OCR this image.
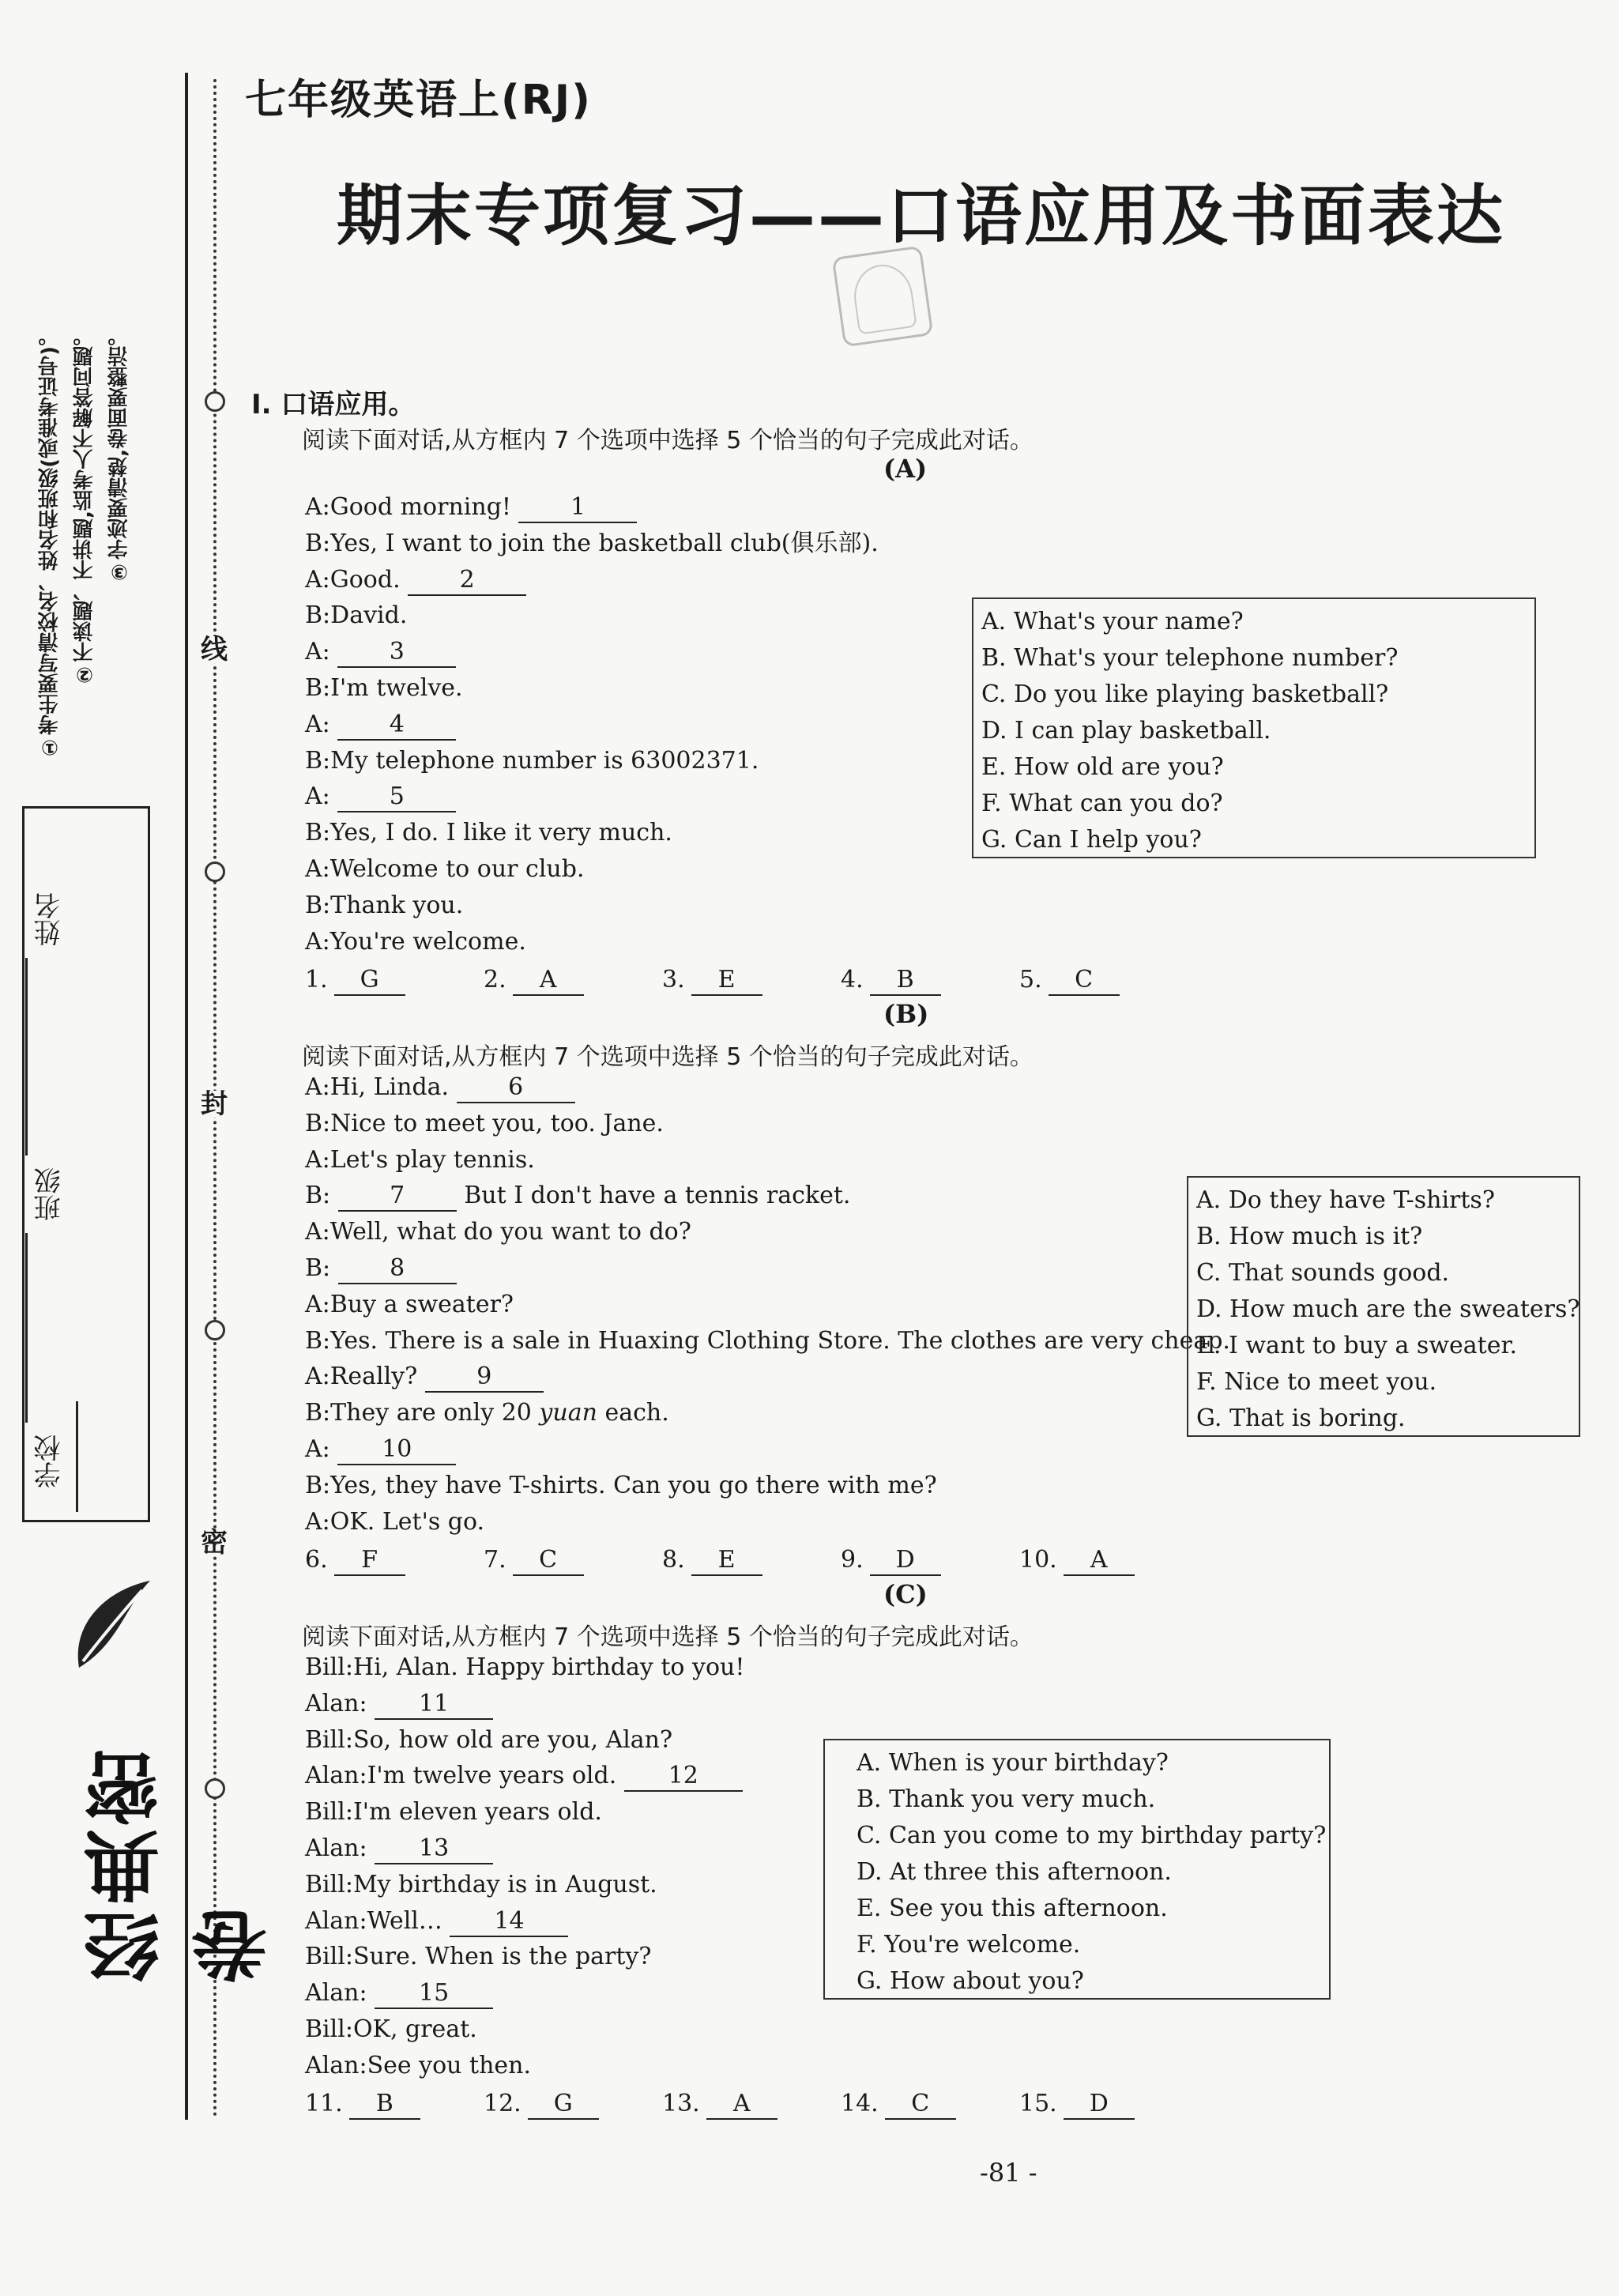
线
封
密
①考生要写清校名、姓名和班级(或准考证号)。 ②不读题、不讲题,监考人不解答问题。 ③字迹要清楚,卷面要整洁。
学校  班级  姓名
经典密卷
七年级英语上(RJ)
期末专项复习——口语应用及书面表达
Ⅰ. 口语应用。
阅读下面对话,从方框内 7 个选项中选择 5 个恰当的句子完成此对话。
(A)
A:Good morning! 1
B:Yes, I want to join the basketball club(俱乐部).
A:Good. 2
B:David.
A: 3
B:I'm twelve.
A: 4
B:My telephone number is 63002371.
A: 5
B:Yes, I do. I like it very much.
A:Welcome to our club.
B:Thank you.
A:You're welcome.
A. What's your name?
B. What's your telephone number?
C. Do you like playing basketball?
D. I can play basketball.
E. How old are you?
F. What can you do?
G. Can I help you?
1. G	2. A	3. E	4. B	5. C
(B)
阅读下面对话,从方框内 7 个选项中选择 5 个恰当的句子完成此对话。
A:Hi, Linda. 6
B:Nice to meet you, too. Jane.
A:Let's play tennis.
B: 7 But I don't have a tennis racket.
A:Well, what do you want to do?
B: 8
A:Buy a sweater?
B:Yes. There is a sale in Huaxing Clothing Store. The clothes are very cheap.
A:Really? 9
B:They are only 20 yuan each.
A: 10
B:Yes, they have T-shirts. Can you go there with me?
A:OK. Let's go.
A. Do they have T-shirts?
B. How much is it?
C. That sounds good.
D. How much are the sweaters?
E. I want to buy a sweater.
F. Nice to meet you.
G. That is boring.
6. F	7. C	8. E	9. D	10. A
(C)
阅读下面对话,从方框内 7 个选项中选择 5 个恰当的句子完成此对话。
Bill:Hi, Alan. Happy birthday to you!
Alan: 11
Bill:So, how old are you, Alan?
Alan:I'm twelve years old. 12
Bill:I'm eleven years old.
Alan: 13
Bill:My birthday is in August.
Alan:Well… 14
Bill:Sure. When is the party?
Alan: 15
Bill:OK, great.
Alan:See you then.
A. When is your birthday?
B. Thank you very much.
C. Can you come to my birthday party?
D. At three this afternoon.
E. See you this afternoon.
F. You're welcome.
G. How about you?
11. B	12. G	13. A	14. C	15. D
-81 -
